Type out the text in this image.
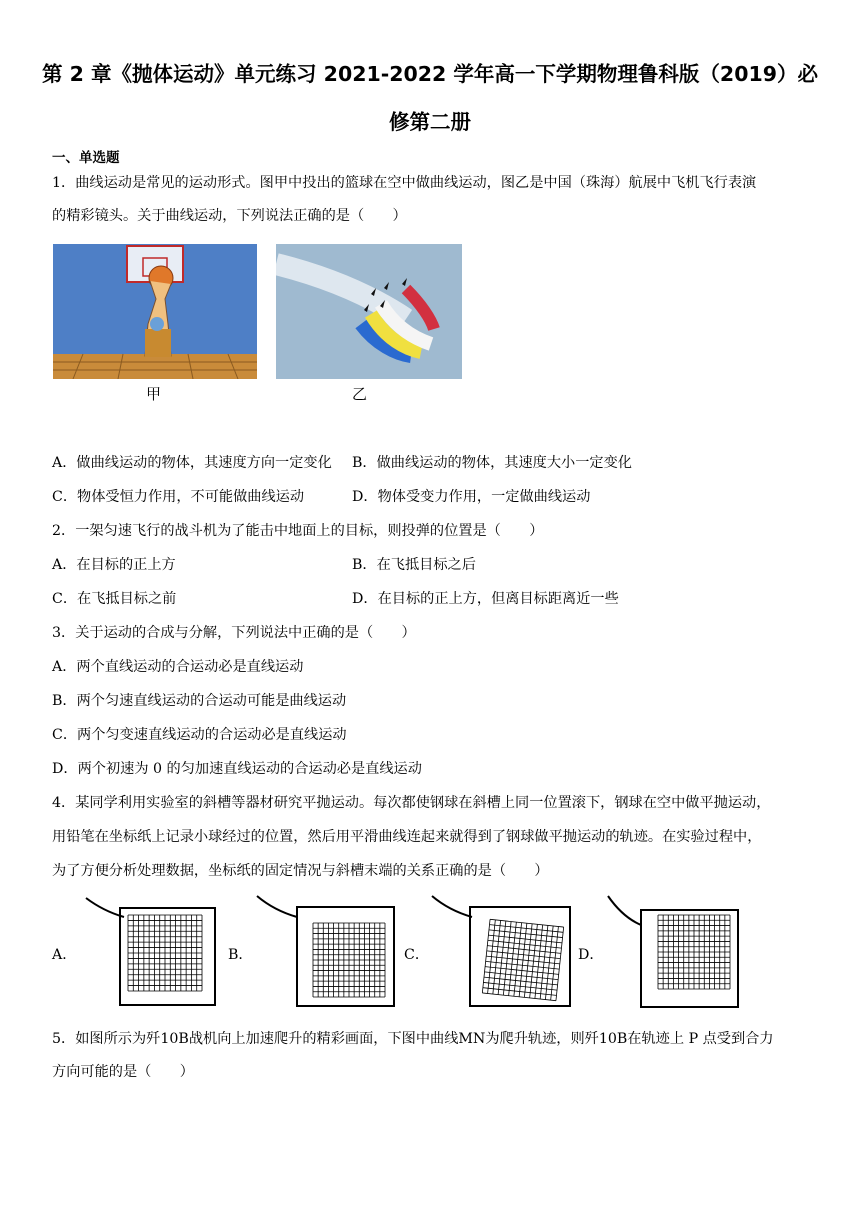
第 2 章《抛体运动》单元练习 2021-2022 学年高一下学期物理鲁科版（2019）必
修第二册
一、单选题
1．曲线运动是常见的运动形式。图甲中投出的篮球在空中做曲线运动，图乙是中国（珠海）航展中飞机飞行表演
的精彩镜头。关于曲线运动，下列说法正确的是（　　）
甲	乙
A．做曲线运动的物体，其速度方向一定变化 B．做曲线运动的物体，其速度大小一定变化
C．物体受恒力作用，不可能做曲线运动	D．物体受变力作用，一定做曲线运动
2．一架匀速飞行的战斗机为了能击中地面上的目标，则投弹的位置是（　　）
A．在目标的正上方	B．在飞抵目标之后
C．在飞抵目标之前	D．在目标的正上方，但离目标距离近一些
3．关于运动的合成与分解，下列说法中正确的是（　　）
A．两个直线运动的合运动必是直线运动
B．两个匀速直线运动的合运动可能是曲线运动
C．两个匀变速直线运动的合运动必是直线运动
D．两个初速为 0 的匀加速直线运动的合运动必是直线运动
4．某同学利用实验室的斜槽等器材研究平抛运动。每次都使钢球在斜槽上同一位置滚下，钢球在空中做平抛运动，
用铅笔在坐标纸上记录小球经过的位置，然后用平滑曲线连起来就得到了钢球做平抛运动的轨迹。在实验过程中，
为了方便分析处理数据，坐标纸的固定情况与斜槽末端的关系正确的是（　　）
A．	B．	C．	D．
5．如图所示为歼10B战机向上加速爬升的精彩画面，下图中曲线MN为爬升轨迹，则歼10B在轨迹上 P 点受到合力
方向可能的是（　　）
